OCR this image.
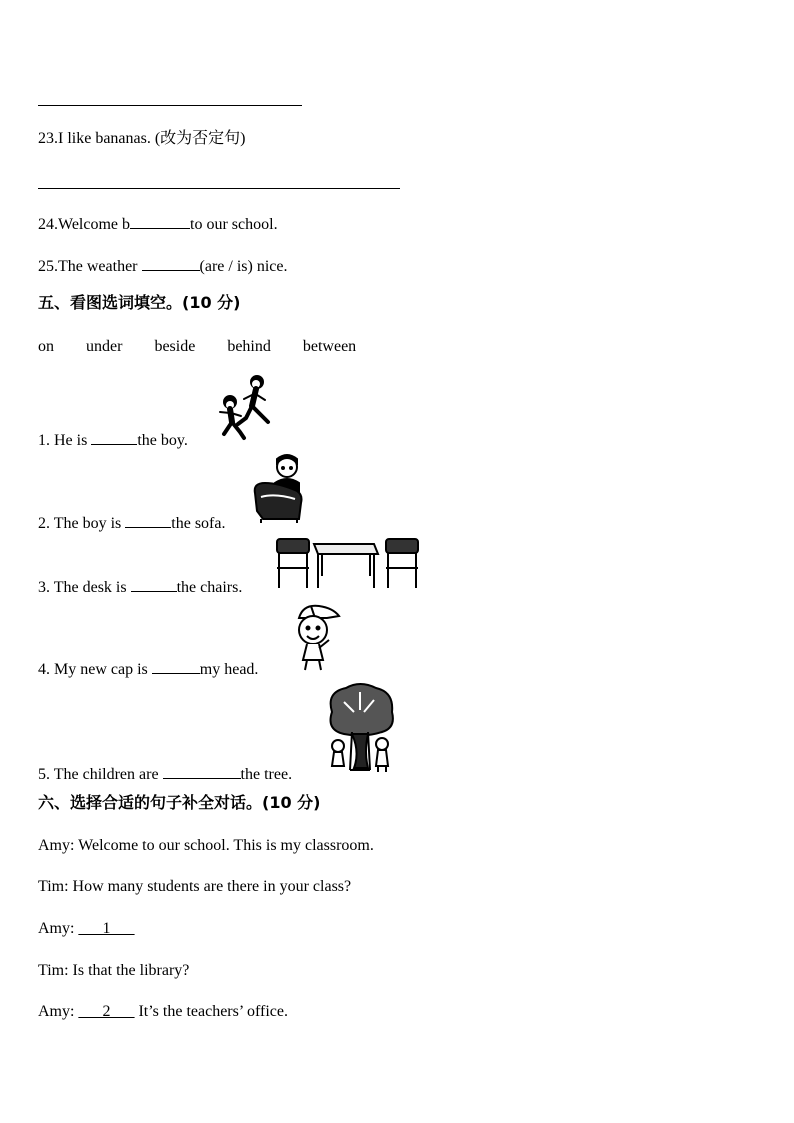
23.I like bananas. (改为否定句)
24.Welcome b	to our school.
25.The weather	(are / is) nice.
五、看图选词填空。(10 分)
on under beside behind between
1. He is	the boy.
2. The boy is	the sofa.
3. The desk is	the chairs.
4. My new cap is	my head.
5. The children are	the tree.
六、选择合适的句子补全对话。(10 分)
Amy: Welcome to our school. This is my classroom.
Tim: How many students are there in your class?
Amy: ___1___
Tim: Is that the library?
Amy: ___2___ It’s the teachers’ office.
